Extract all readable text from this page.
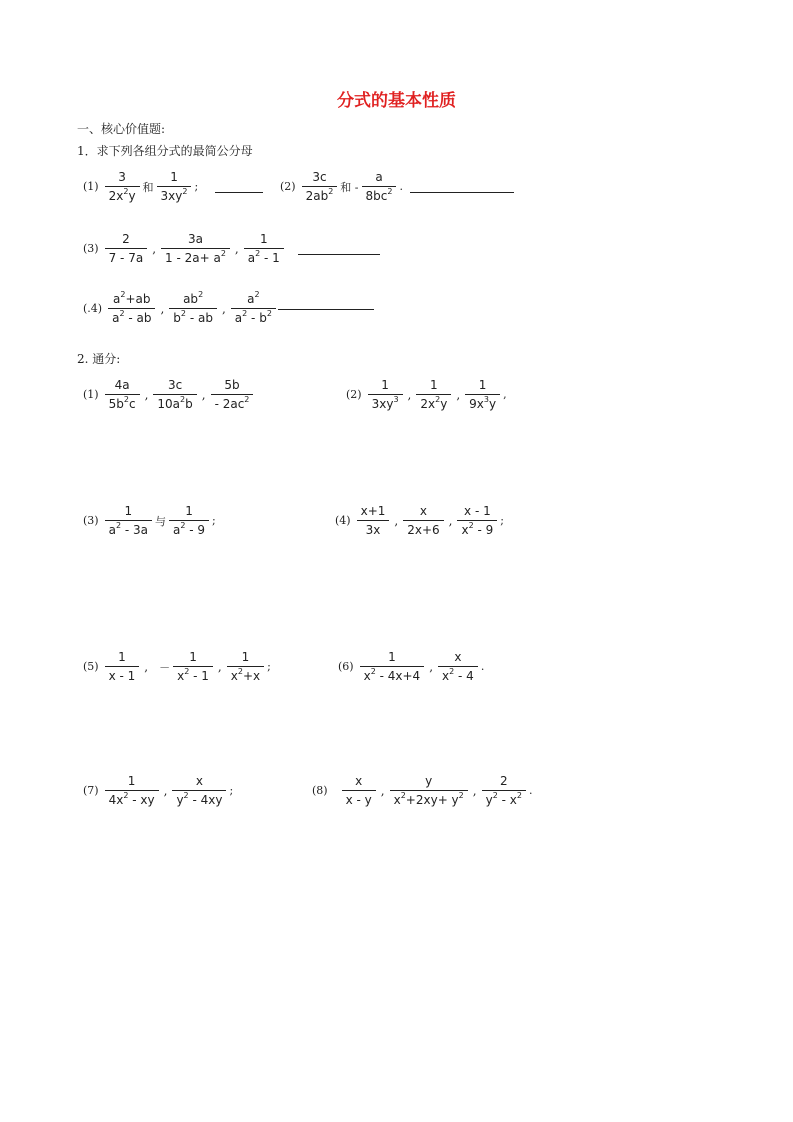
分式的基本性质
一、核心价值题:
1．求下列各组分式的最简公分母
$(1) \frac{3}{2x^2y}$ 和 $\frac{1}{3xy^2}$ ;	$(2) \frac{3c}{2ab^2}$ 和 - $\frac{a}{8bc^2}$ .
$(3) \frac{2}{7 - 7a}$ , $\frac{3a}{1 - 2a+ a^2}$ , $\frac{1}{a^2 - 1}$
$(.4) \frac{a^2+ab}{a^2 - ab}$ , $\frac{ab^2}{b^2 - ab}$ , $\frac{a^2}{a^2 - b^2}$
2. 通分:
$(1) \frac{4a}{5b^2c}$ , $\frac{3c}{10a^2b}$ , $\frac{5b}{- 2ac^2}$	$(2) \frac{1}{3xy^3}$ , $\frac{1}{2x^2y}$ , $\frac{1}{9x^3y}$ ,
$(3) \frac{1}{a^2 - 3a}$ 与 $\frac{1}{a^2 - 9}$ ;	$(4) \frac{x+1}{3x}$ , $\frac{x}{2x+6}$ , $\frac{x - 1}{x^2 - 9}$ ;
$(5) \frac{1}{x - 1}$ , － $\frac{1}{x^2 - 1}$ , $\frac{1}{x^2+x}$ ;	$(6) \frac{1}{x^2 - 4x+4}$ , $\frac{x}{x^2 - 4}$ .
$(7) \frac{1}{4x^2 - xy}$ , $\frac{x}{y^2 - 4xy}$ ;	$(8) \frac{x}{x - y}$ , $\frac{y}{x^2+2xy+ y^2}$ , $\frac{2}{y^2 - x^2}$ .
